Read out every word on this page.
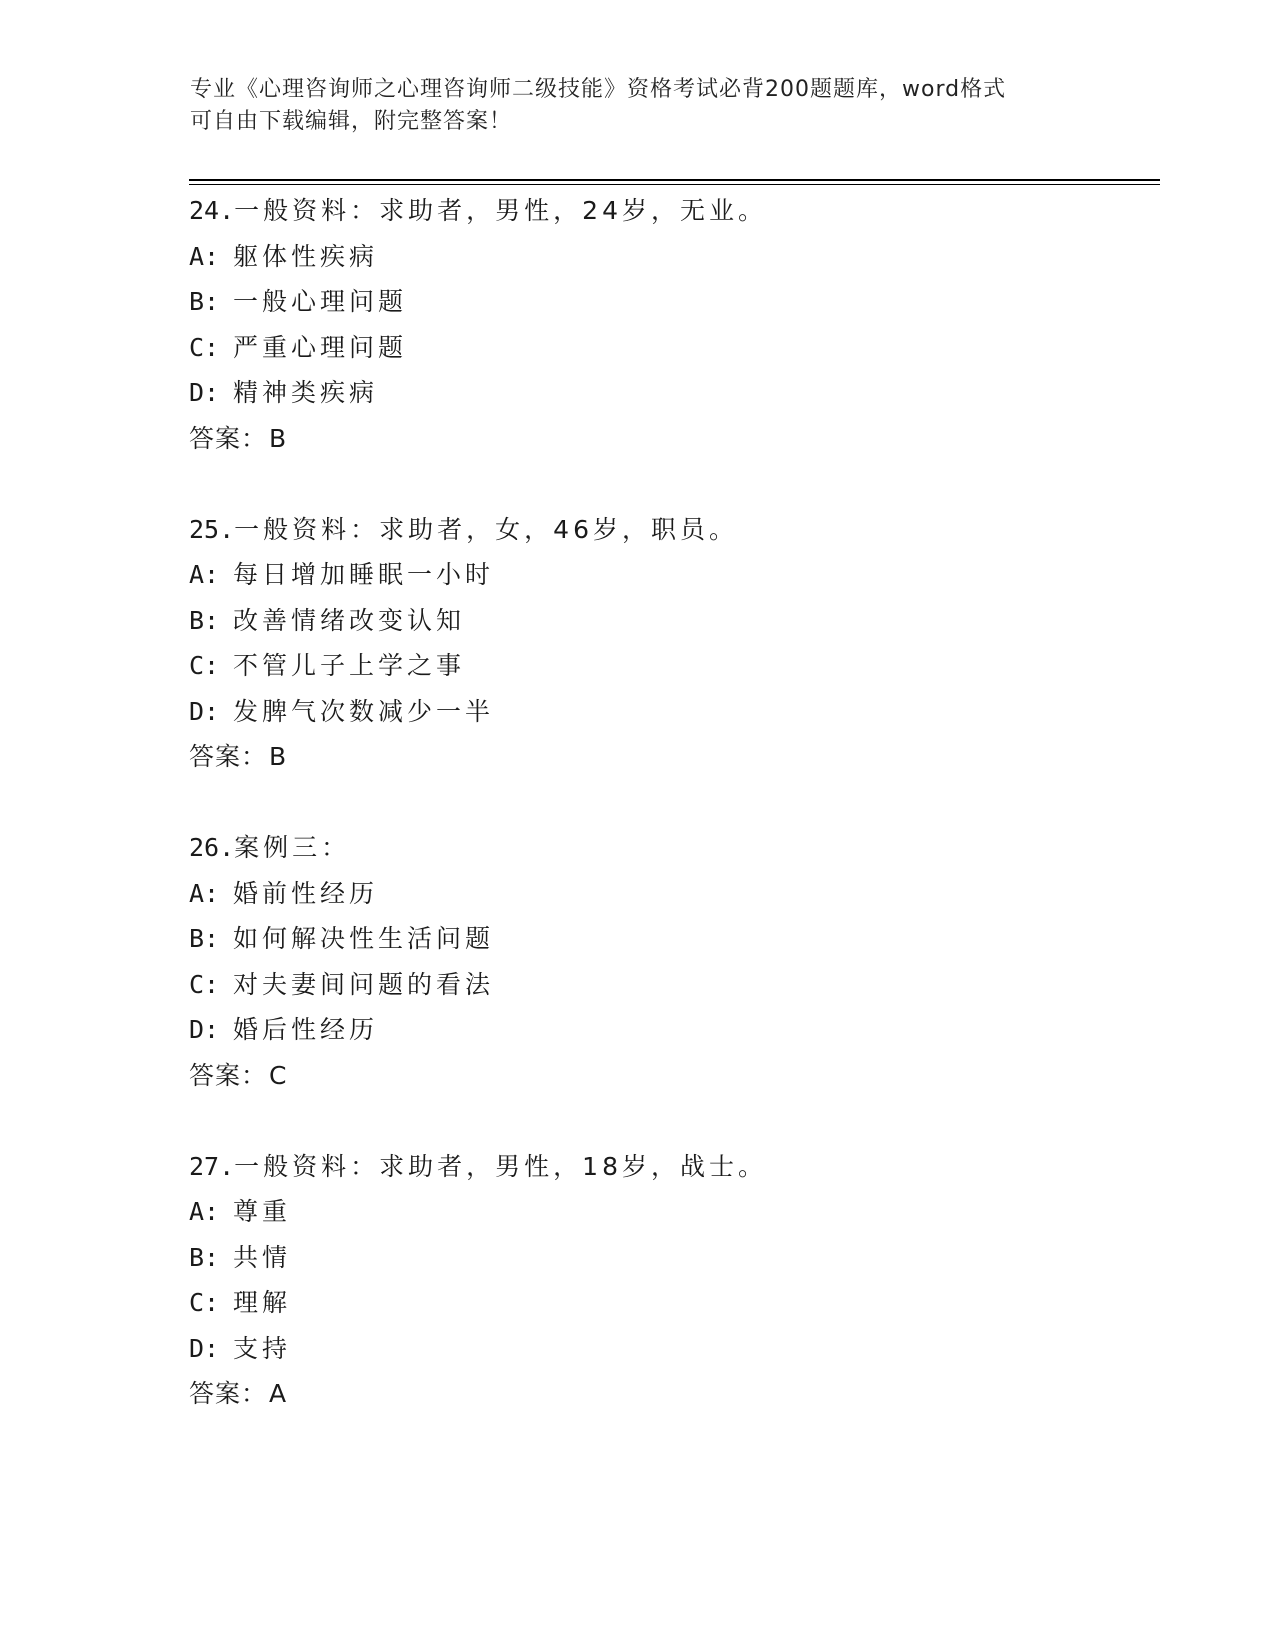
专业《心理咨询师之心理咨询师二级技能》资格考试必背200题题库，word格式
可自由下载编辑，附完整答案！
24.一般资料：求助者，男性，24岁，无业。
A: 躯体性疾病
B: 一般心理问题
C: 严重心理问题
D: 精神类疾病
答案：B
25.一般资料：求助者，女，46岁，职员。
A: 每日增加睡眠一小时
B: 改善情绪改变认知
C: 不管儿子上学之事
D: 发脾气次数减少一半
答案：B
26.案例三：
A: 婚前性经历
B: 如何解决性生活问题
C: 对夫妻间问题的看法
D: 婚后性经历
答案：C
27.一般资料：求助者，男性，18岁，战士。
A: 尊重
B: 共情
C: 理解
D: 支持
答案：A
